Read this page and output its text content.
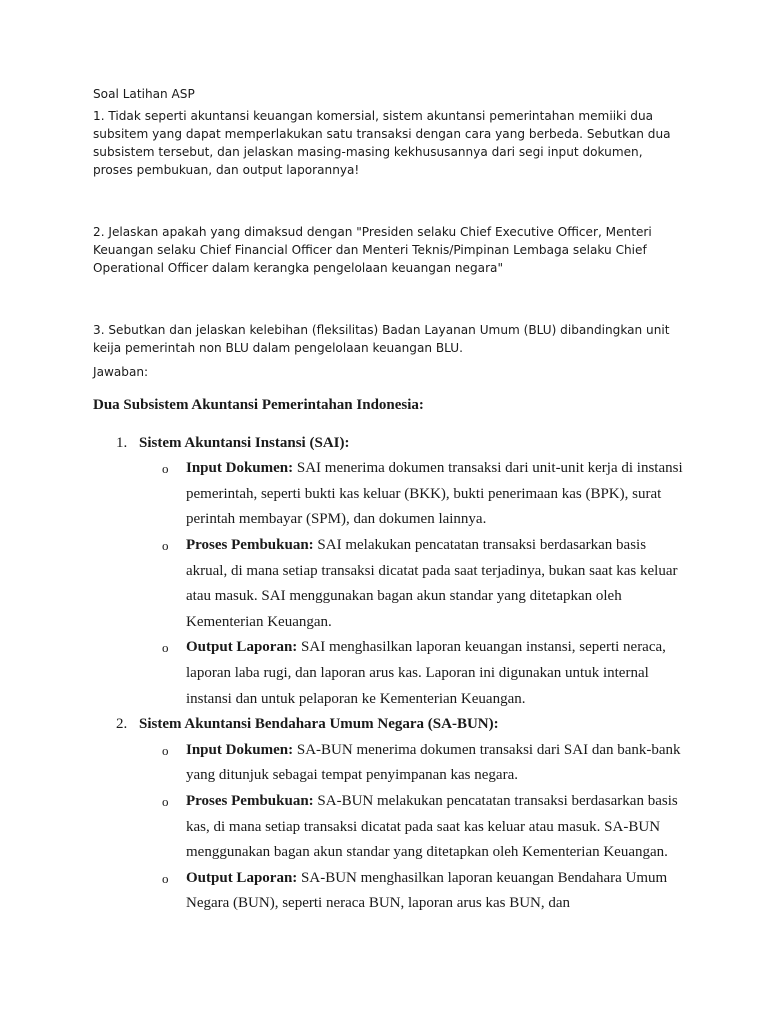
Soal Latihan ASP

1. Tidak seperti akuntansi keuangan komersial, sistem akuntansi pemerintahan memiiki dua subsitem yang dapat memperlakukan satu transaksi dengan cara yang berbeda. Sebutkan dua subsistem tersebut, dan jelaskan masing-masing kekhususannya dari segi input dokumen, proses pembukuan, dan output laporannya!

2. Jelaskan apakah yang dimaksud dengan "Presiden selaku Chief Executive Officer, Menteri Keuangan selaku Chief Financial Officer dan Menteri Teknis/Pimpinan Lembaga selaku Chief Operational Officer dalam kerangka pengelolaan keuangan negara"

3. Sebutkan dan jelaskan kelebihan (fleksilitas) Badan Layanan Umum (BLU) dibandingkan unit keija pemerintah non BLU dalam pengelolaan keuangan BLU.

Jawaban:

Dua Subsistem Akuntansi Pemerintahan Indonesia:

1. Sistem Akuntansi Instansi (SAI):
o Input Dokumen: SAI menerima dokumen transaksi dari unit-unit kerja di instansi pemerintah, seperti bukti kas keluar (BKK), bukti penerimaan kas (BPK), surat perintah membayar (SPM), dan dokumen lainnya.
o Proses Pembukuan: SAI melakukan pencatatan transaksi berdasarkan basis akrual, di mana setiap transaksi dicatat pada saat terjadinya, bukan saat kas keluar atau masuk. SAI menggunakan bagan akun standar yang ditetapkan oleh Kementerian Keuangan.
o Output Laporan: SAI menghasilkan laporan keuangan instansi, seperti neraca, laporan laba rugi, dan laporan arus kas. Laporan ini digunakan untuk internal instansi dan untuk pelaporan ke Kementerian Keuangan.
2. Sistem Akuntansi Bendahara Umum Negara (SA-BUN):
o Input Dokumen: SA-BUN menerima dokumen transaksi dari SAI dan bank-bank yang ditunjuk sebagai tempat penyimpanan kas negara.
o Proses Pembukuan: SA-BUN melakukan pencatatan transaksi berdasarkan basis kas, di mana setiap transaksi dicatat pada saat kas keluar atau masuk. SA-BUN menggunakan bagan akun standar yang ditetapkan oleh Kementerian Keuangan.
o Output Laporan: SA-BUN menghasilkan laporan keuangan Bendahara Umum Negara (BUN), seperti neraca BUN, laporan arus kas BUN, dan
